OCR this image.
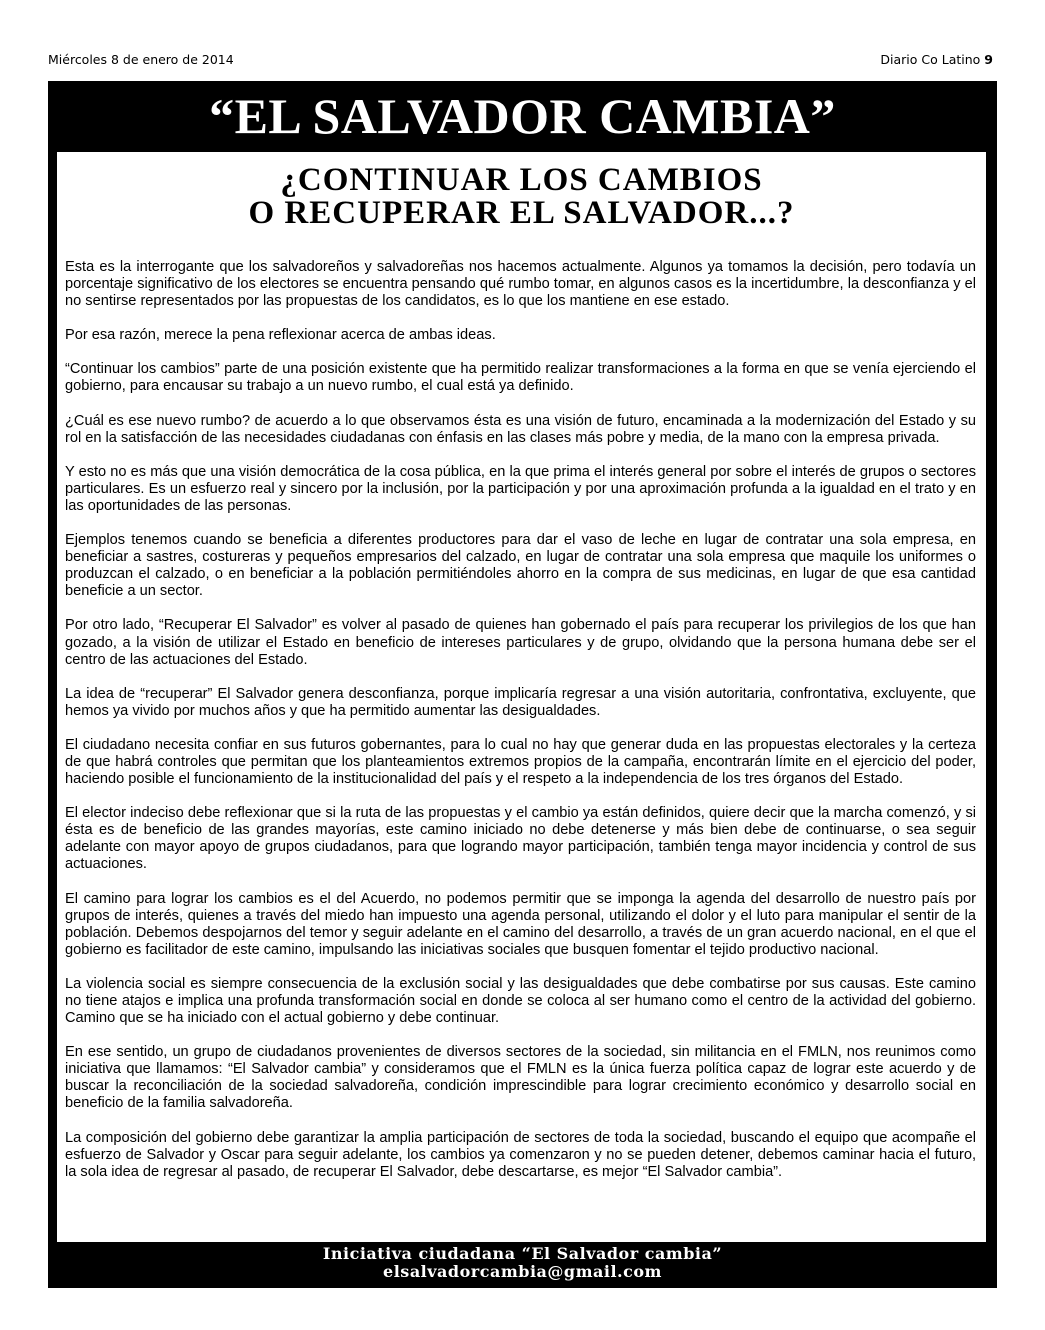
Miércoles 8 de enero de 2014	Diario Co Latino 9
“EL SALVADOR CAMBIA”
¿CONTINUAR LOS CAMBIOS
O RECUPERAR EL SALVADOR...?

Esta es la interrogante que los salvadoreños y salvadoreñas nos hacemos actualmente. Algunos ya tomamos la decisión, pero todavía un porcentaje significativo de los electores se encuentra pensando qué rumbo tomar, en algunos casos es la incertidumbre, la desconfianza y el no sentirse representados por las propuestas de los candidatos, es lo que los mantiene en ese estado.

Por esa razón, merece la pena reflexionar acerca de ambas ideas.

“Continuar los cambios” parte de una posición existente que ha permitido realizar transformaciones a la forma en que se venía ejerciendo el gobierno, para encausar su trabajo a un nuevo rumbo, el cual está ya definido.

¿Cuál es ese nuevo rumbo? de acuerdo a lo que observamos ésta es una visión de futuro, encaminada a la modernización del Estado y su rol en la satisfacción de las necesidades ciudadanas con énfasis en las clases más pobre y media, de la mano con la empresa privada.

Y esto no es más que una visión democrática de la cosa pública, en la que prima el interés general por sobre el interés de grupos o sectores particulares. Es un esfuerzo real y sincero por la inclusión, por la participación y por una aproximación profunda a la igualdad en el trato y en las oportunidades de las personas.

Ejemplos tenemos cuando se beneficia a diferentes productores para dar el vaso de leche en lugar de contratar una sola empresa, en beneficiar a sastres, costureras y pequeños empresarios del calzado, en lugar de contratar una sola empresa que maquile los uniformes o produzcan el calzado, o en beneficiar a la población permitiéndoles ahorro en la compra de sus medicinas, en lugar de que esa cantidad beneficie a un sector.

Por otro lado, “Recuperar El Salvador” es volver al pasado de quienes han gobernado el país para recuperar los privilegios de los que han gozado, a la visión de utilizar el Estado en beneficio de intereses particulares y de grupo, olvidando que la persona humana debe ser el centro de las actuaciones del Estado.

La idea de “recuperar” El Salvador genera desconfianza, porque implicaría regresar a una visión autoritaria, confrontativa, excluyente, que hemos ya vivido por muchos años y que ha permitido aumentar las desigualdades.

El ciudadano necesita confiar en sus futuros gobernantes, para lo cual no hay que generar duda en las propuestas electorales y la certeza de que habrá controles que permitan que los planteamientos extremos propios de la campaña, encontrarán límite en el ejercicio del poder, haciendo posible el funcionamiento de la institucionalidad del país y el respeto a la independencia de los tres órganos del Estado.

El elector indeciso debe reflexionar que si la ruta de las propuestas y el cambio ya están definidos, quiere decir que la marcha comenzó, y si ésta es de beneficio de las grandes mayorías, este camino iniciado no debe detenerse y más bien debe de continuarse, o sea seguir adelante con mayor apoyo de grupos ciudadanos, para que logrando mayor participación, también tenga mayor incidencia y control de sus actuaciones.

El camino para lograr los cambios es el del Acuerdo, no podemos permitir que se imponga la agenda del desarrollo de nuestro país por grupos de interés, quienes a través del miedo han impuesto una agenda personal, utilizando el dolor y el luto para manipular el sentir de la población. Debemos despojarnos del temor y seguir adelante en el camino del desarrollo, a través de un gran acuerdo nacional, en el que el gobierno es facilitador de este camino, impulsando las iniciativas sociales que busquen fomentar el tejido productivo nacional.

La violencia social es siempre consecuencia de la exclusión social y las desigualdades que debe combatirse por sus causas. Este camino no tiene atajos e implica una profunda transformación social en donde se coloca al ser humano como el centro de la actividad del gobierno. Camino que se ha iniciado con el actual gobierno y debe continuar.

En ese sentido, un grupo de ciudadanos provenientes de diversos sectores de la sociedad, sin militancia en el FMLN, nos reunimos como iniciativa que llamamos: “El Salvador cambia” y consideramos que el FMLN es la única fuerza política capaz de lograr este acuerdo y de buscar la reconciliación de la sociedad salvadoreña, condición imprescindible para lograr crecimiento económico y desarrollo social en beneficio de la familia salvadoreña.

La composición del gobierno debe garantizar la amplia participación de sectores de toda la sociedad, buscando el equipo que acompañe el esfuerzo de Salvador y Oscar para seguir adelante, los cambios ya comenzaron y no se pueden detener, debemos caminar hacia el futuro, la sola idea de regresar al pasado, de recuperar El Salvador, debe descartarse, es mejor “El Salvador cambia”.

Iniciativa ciudadana “El Salvador cambia”
elsalvadorcambia@gmail.com
